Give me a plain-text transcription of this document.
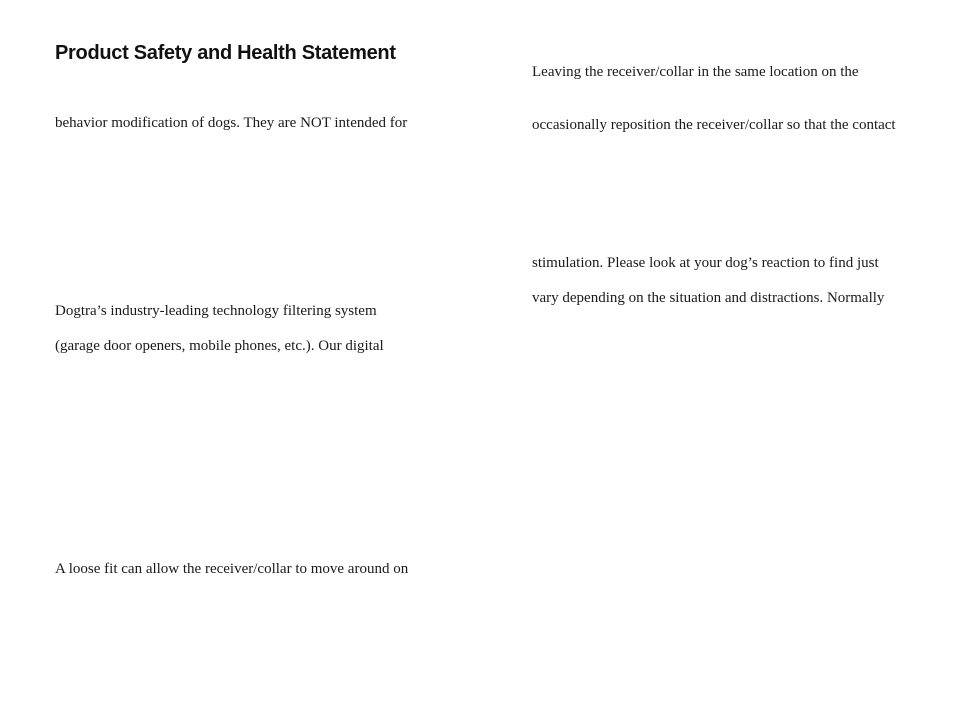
Product Safety and Health Statement

behavior modification of dogs. They are NOT intended for

Dogtra’s industry-leading technology filtering system

(garage door openers, mobile phones, etc.). Our digital

A loose fit can allow the receiver/collar to move around on

Leaving the receiver/collar in the same location on the

occasionally reposition the receiver/collar so that the contact

stimulation. Please look at your dog’s reaction to find just

vary depending on the situation and distractions. Normally
